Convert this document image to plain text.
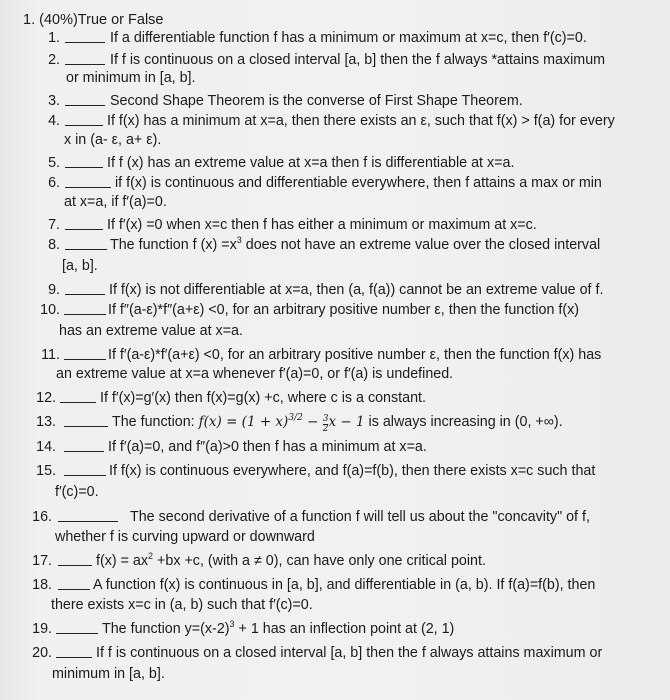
1. (40%)True or False
1.	If a differentiable function f has a minimum or maximum at x=c, then f′(c)=0.
2.	If f is continuous on a closed interval [a, b] then the f always *attains maximum
or minimum in [a, b].
3.	Second Shape Theorem is the converse of First Shape Theorem.
4.	If f(x) has a minimum at x=a, then there exists an ε, such that f(x) > f(a) for every
x in (a- ε, a+ ε).
5.	If f (x) has an extreme value at x=a then f is differentiable at x=a.
6.	if f(x) is continuous and differentiable everywhere, then f attains a max or min
at x=a, if f′(a)=0.
7.	If f′(x) =0 when x=c then f has either a minimum or maximum at x=c.
8.	The function f $(x) =x^3$ does not have an extreme value over the closed interval
[a, b].
9.	If f(x) is not differentiable at x=a, then (a, f(a)) cannot be an extreme value of f.
10.	If f″(a-ε)*f″(a+ε) <0, for an arbitrary positive number ε, then the function f(x)
has an extreme value at x=a.
11.	If f′(a-ε)*f′(a+ε) <0, for an arbitrary positive number ε, then the function f(x) has
an extreme value at x=a whenever f′(a)=0, or f′(a) is undefined.
12.	If f′(x)=g′(x) then f(x)=g(x) +c, where c is a constant.
13.	The function: $f(x) = (1 + x)^{3/2} - \frac{3}{2}$ x − 1 is always increasing in (0, +∞).
14.	If f′(a)=0, and f″(a)>0 then f has a minimum at x=a.
15.	If f(x) is continuous everywhere, and f(a)=f(b), then there exists x=c such that
f′(c)=0.
16.	The second derivative of a function f will tell us about the "concavity" of f,
whether f is curving upward or downward
17.	$f(x) = ax^2 +bx +c$, (with a ≠ 0), can have only one critical point.
18.	A function f(x) is continuous in [a, b], and differentiable in (a, b). If f(a)=f(b), then
there exists x=c in (a, b) such that f′(c)=0.
19.	The function $y=(x-2)^3 + 1$ has an inflection point at (2, 1)
20.	If f is continuous on a closed interval [a, b] then the f always attains maximum or
minimum in [a, b].
